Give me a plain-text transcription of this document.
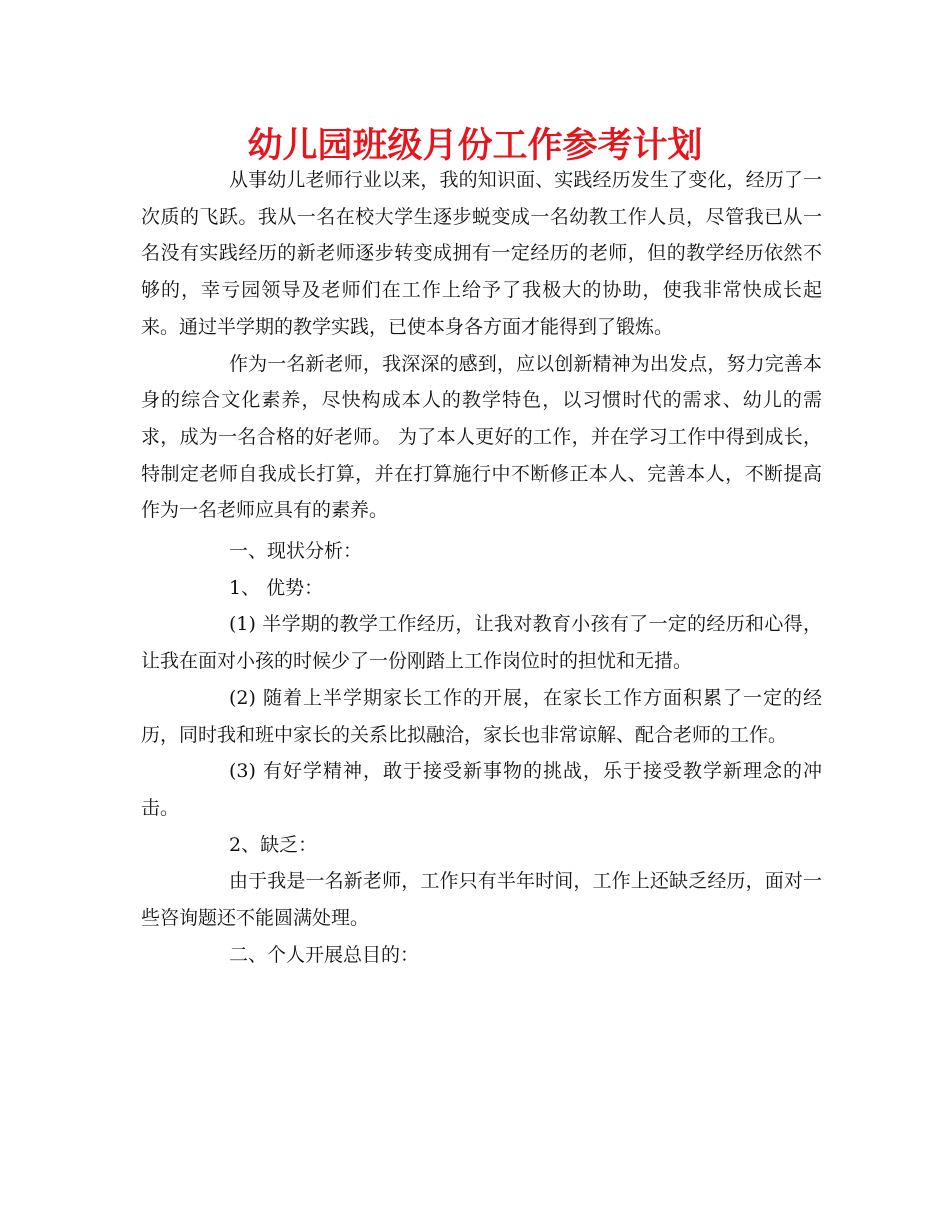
幼儿园班级月份工作参考计划

从事幼儿老师行业以来，我的知识面、实践经历发生了变化，经历了一次质的飞跃。我从一名在校大学生逐步蜕变成一名幼教工作人员，尽管我已从一名没有实践经历的新老师逐步转变成拥有一定经历的老师，但的教学经历依然不够的，幸亏园领导及老师们在工作上给予了我极大的协助，使我非常快成长起来。通过半学期的教学实践，已使本身各方面才能得到了锻炼。

作为一名新老师，我深深的感到，应以创新精神为出发点，努力完善本身的综合文化素养，尽快构成本人的教学特色，以习惯时代的需求、幼儿的需求，成为一名合格的好老师。 为了本人更好的工作，并在学习工作中得到成长，特制定老师自我成长打算，并在打算施行中不断修正本人、完善本人，不断提高作为一名老师应具有的素养。

一、现状分析：

1、 优势：

(1) 半学期的教学工作经历，让我对教育小孩有了一定的经历和心得，让我在面对小孩的时候少了一份刚踏上工作岗位时的担忧和无措。

(2) 随着上半学期家长工作的开展，在家长工作方面积累了一定的经历，同时我和班中家长的关系比拟融洽，家长也非常谅解、配合老师的工作。

(3) 有好学精神，敢于接受新事物的挑战，乐于接受教学新理念的冲击。

2、缺乏：

由于我是一名新老师，工作只有半年时间，工作上还缺乏经历，面对一些咨询题还不能圆满处理。

二、个人开展总目的：
